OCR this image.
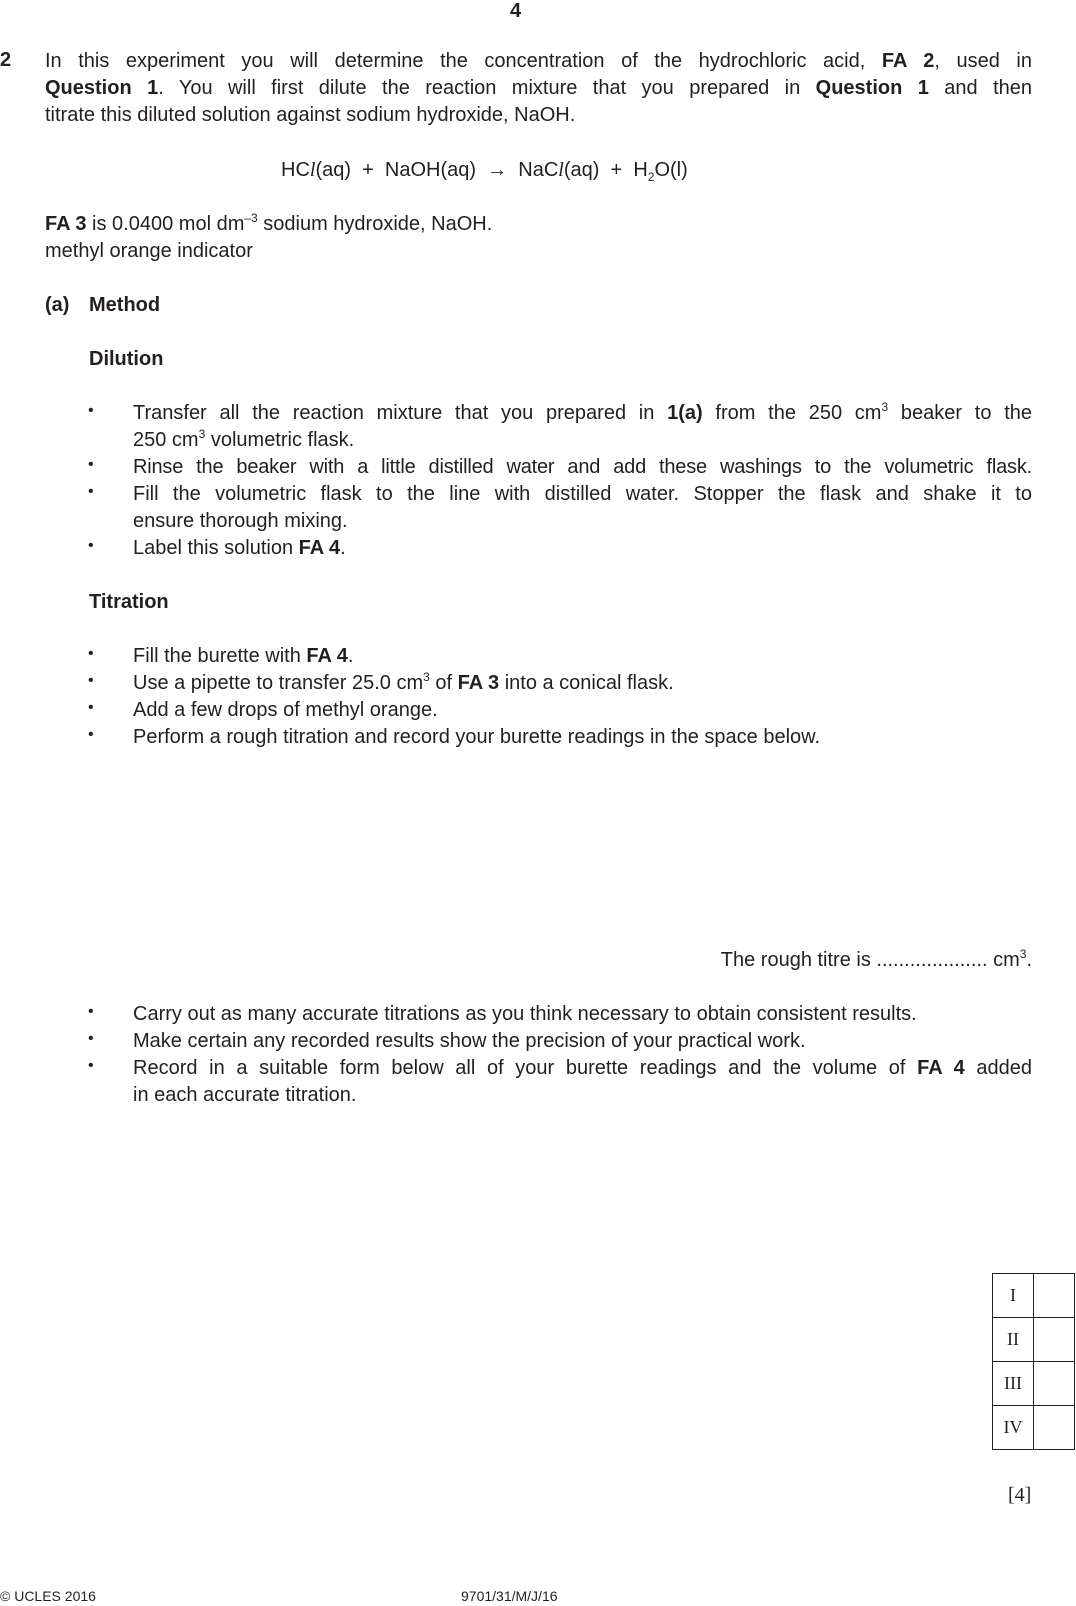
4
2 In this experiment you will determine the concentration of the hydrochloric acid, FA 2, used in
Question 1. You will first dilute the reaction mixture that you prepared in Question 1 and then
titrate this diluted solution against sodium hydroxide, NaOH.
HCl(aq)  +  NaOH(aq)  →  NaCl(aq)  +  $H_2O(l)$
FA 3 is 0.0400 mol $dm^{-3}$ sodium hydroxide, NaOH.
methyl orange indicator
(a) Method
Dilution
• Transfer all the reaction mixture that you prepared in 1(a) from the 250 $cm^3$ beaker to the
250 $cm^3$ volumetric flask.
• Rinse the beaker with a little distilled water and add these washings to the volumetric flask.
• Fill the volumetric flask to the line with distilled water. Stopper the flask and shake it to
ensure thorough mixing.
• Label this solution FA 4.
Titration
• Fill the burette with FA 4.
• Use a pipette to transfer 25.0 $cm^3$ of FA 3 into a conical flask.
• Add a few drops of methyl orange.
• Perform a rough titration and record your burette readings in the space below.
The rough titre is .................... $cm^3$.
• Carry out as many accurate titrations as you think necessary to obtain consistent results.
• Make certain any recorded results show the precision of your practical work.
• Record in a suitable form below all of your burette readings and the volume of FA 4 added
in each accurate titration.
I	
II	
III	
IV	
[4]
© UCLES 2016	9701/31/M/J/16
